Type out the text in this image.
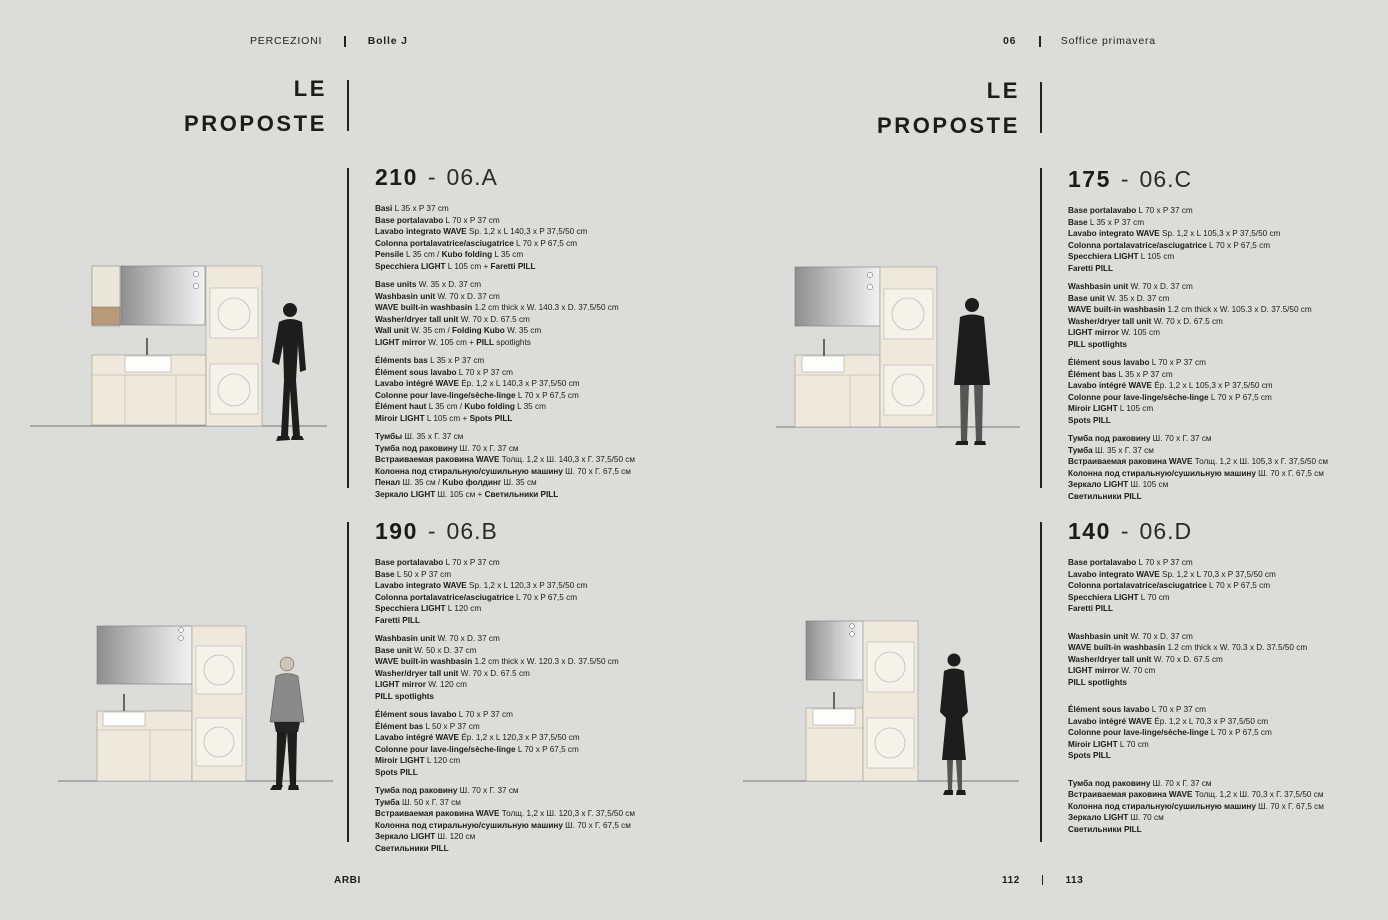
PERCEZIONI	Bolle J	06	Soffice primavera
LE
PROPOSTE
LE
PROPOSTE
210 - 06.A
Basi L 35 x P 37 cm
Base portalavabo L 70 x P 37 cm
Lavabo integrato WAVE Sp. 1,2 x L 140,3 x P 37,5/50 cm
Colonna portalavatrice/asciugatrice L 70 x P 67,5 cm
Pensile L 35 cm / Kubo folding L 35 cm
Specchiera LIGHT L 105 cm + Faretti PILL
Base units W. 35 x D. 37 cm
Washbasin unit W. 70 x D. 37 cm
WAVE built-in washbasin 1.2 cm thick x W. 140.3 x D. 37.5/50 cm
Washer/dryer tall unit W. 70 x D. 67.5 cm
Wall unit W. 35 cm / Folding Kubo W. 35 cm
LIGHT mirror W. 105 cm + PILL spotlights
Éléments bas L 35 x P 37 cm
Élément sous lavabo L 70 x P 37 cm
Lavabo intégré WAVE Ép. 1,2 x L 140,3 x P 37,5/50 cm
Colonne pour lave-linge/sèche-linge L 70 x P 67,5 cm
Élément haut L 35 cm / Kubo folding L 35 cm
Miroir LIGHT L 105 cm + Spots PILL
Тумбы Ш. 35 x Г. 37 см
Тумба под раковину Ш. 70 x Г. 37 см
Встраиваемая раковина WAVE Толщ. 1,2 x Ш. 140,3 x Г. 37,5/50 см
Колонна под стиральную/сушильную машину Ш. 70 x Г. 67,5 см
Пенал Ш. 35 см / Kubo фолдинг Ш. 35 см
Зеркало LIGHT Ш. 105 см + Светильники PILL
190 - 06.B
Base portalavabo L 70 x P 37 cm
Base L 50 x P 37 cm
Lavabo integrato WAVE Sp. 1,2 x L 120,3 x P 37,5/50 cm
Colonna portalavatrice/asciugatrice L 70 x P 67,5 cm
Specchiera LIGHT L 120 cm
Faretti PILL
Washbasin unit W. 70 x D. 37 cm
Base unit W. 50 x D. 37 cm
WAVE built-in washbasin 1.2 cm thick x W. 120.3 x D. 37.5/50 cm
Washer/dryer tall unit W. 70 x D. 67.5 cm
LIGHT mirror W. 120 cm
PILL spotlights
Élément sous lavabo L 70 x P 37 cm
Élément bas L 50 x P 37 cm
Lavabo intégré WAVE Ép. 1,2 x L 120,3 x P 37,5/50 cm
Colonne pour lave-linge/sèche-linge L 70 x P 67,5 cm
Miroir LIGHT L 120 cm
Spots PILL
Тумба под раковину Ш. 70 x Г. 37 см
Тумба Ш. 50 x Г. 37 см
Встраиваемая раковина WAVE Толщ. 1,2 x Ш. 120,3 x Г. 37,5/50 см
Колонна под стиральную/сушильную машину Ш. 70 x Г. 67,5 см
Зеркало LIGHT Ш. 120 см
Светильники PILL
175 - 06.C
Base portalavabo L 70 x P 37 cm
Base L 35 x P 37 cm
Lavabo integrato WAVE Sp. 1,2 x L 105,3 x P 37,5/50 cm
Colonna portalavatrice/asciugatrice L 70 x P 67,5 cm
Specchiera LIGHT L 105 cm
Faretti PILL
Washbasin unit W. 70 x D. 37 cm
Base unit W. 35 x D. 37 cm
WAVE built-in washbasin 1.2 cm thick x W. 105.3 x D. 37.5/50 cm
Washer/dryer tall unit W. 70 x D. 67.5 cm
LIGHT mirror W. 105 cm
PILL spotlights
Élément sous lavabo L 70 x P 37 cm
Élément bas L 35 x P 37 cm
Lavabo intégré WAVE Ép. 1,2 x L 105,3 x P 37,5/50 cm
Colonne pour lave-linge/sèche-linge L 70 x P 67,5 cm
Miroir LIGHT L 105 cm
Spots PILL
Тумба под раковину Ш. 70 x Г. 37 см
Тумба Ш. 35 x Г. 37 см
Встраиваемая раковина WAVE Толщ. 1,2 x Ш. 105,3 x Г. 37,5/50 см
Колонна под стиральную/сушильную машину Ш. 70 x Г. 67,5 см
Зеркало LIGHT Ш. 105 см
Светильники PILL
140 - 06.D
Base portalavabo L 70 x P 37 cm
Lavabo integrato WAVE Sp. 1,2 x L 70,3 x P 37,5/50 cm
Colonna portalavatrice/asciugatrice L 70 x P 67,5 cm
Specchiera LIGHT L 70 cm
Faretti PILL
Washbasin unit W. 70 x D. 37 cm
WAVE built-in washbasin 1.2 cm thick x W. 70.3 x D. 37.5/50 cm
Washer/dryer tall unit W. 70 x D. 67.5 cm
LIGHT mirror W. 70 cm
PILL spotlights
Élément sous lavabo L 70 x P 37 cm
Lavabo intégré WAVE Ép. 1,2 x L 70,3 x P 37,5/50 cm
Colonne pour lave-linge/sèche-linge L 70 x P 67,5 cm
Miroir LIGHT L 70 cm
Spots PILL
Тумба под раковину Ш. 70 x Г. 37 см
Встраиваемая раковина WAVE Толщ. 1,2 x Ш. 70,3 x Г. 37,5/50 см
Колонна под стиральную/сушильную машину Ш. 70 x Г. 67,5 см
Зеркало LIGHT Ш. 70 см
Светильники PILL
ARBI	112	113
